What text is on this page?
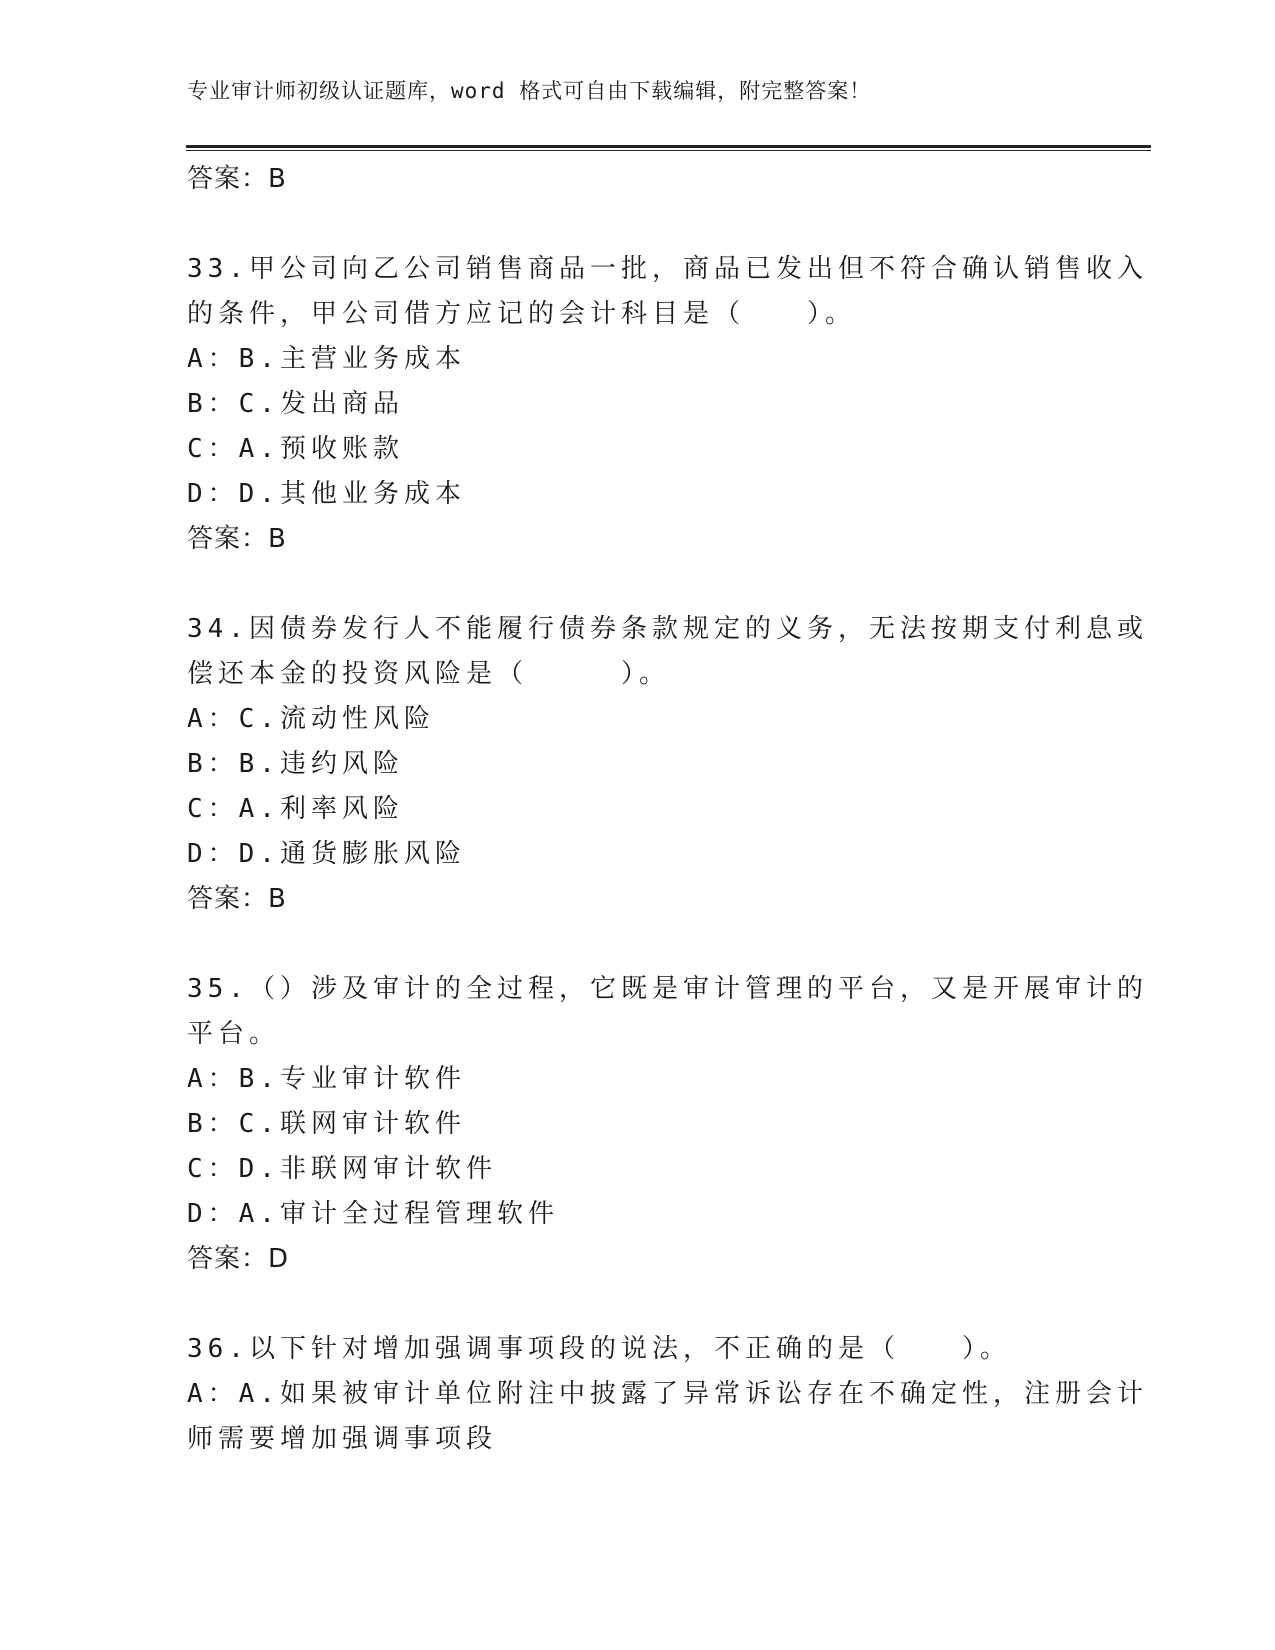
专业审计师初级认证题库，word 格式可自由下载编辑，附完整答案！
答案：B
33.甲公司向乙公司销售商品一批，商品已发出但不符合确认销售收入
的条件，甲公司借方应记的会计科目是（　　）。
A：B.主营业务成本
B：C.发出商品
C：A.预收账款
D：D.其他业务成本
答案：B
34.因债券发行人不能履行债券条款规定的义务，无法按期支付利息或
偿还本金的投资风险是（　　　）。
A：C.流动性风险
B：B.违约风险
C：A.利率风险
D：D.通货膨胀风险
答案：B
35.（）涉及审计的全过程，它既是审计管理的平台，又是开展审计的
平台。
A：B.专业审计软件
B：C.联网审计软件
C：D.非联网审计软件
D：A.审计全过程管理软件
答案：D
36.以下针对增加强调事项段的说法，不正确的是（　　）。
A：A.如果被审计单位附注中披露了异常诉讼存在不确定性，注册会计
师需要增加强调事项段
